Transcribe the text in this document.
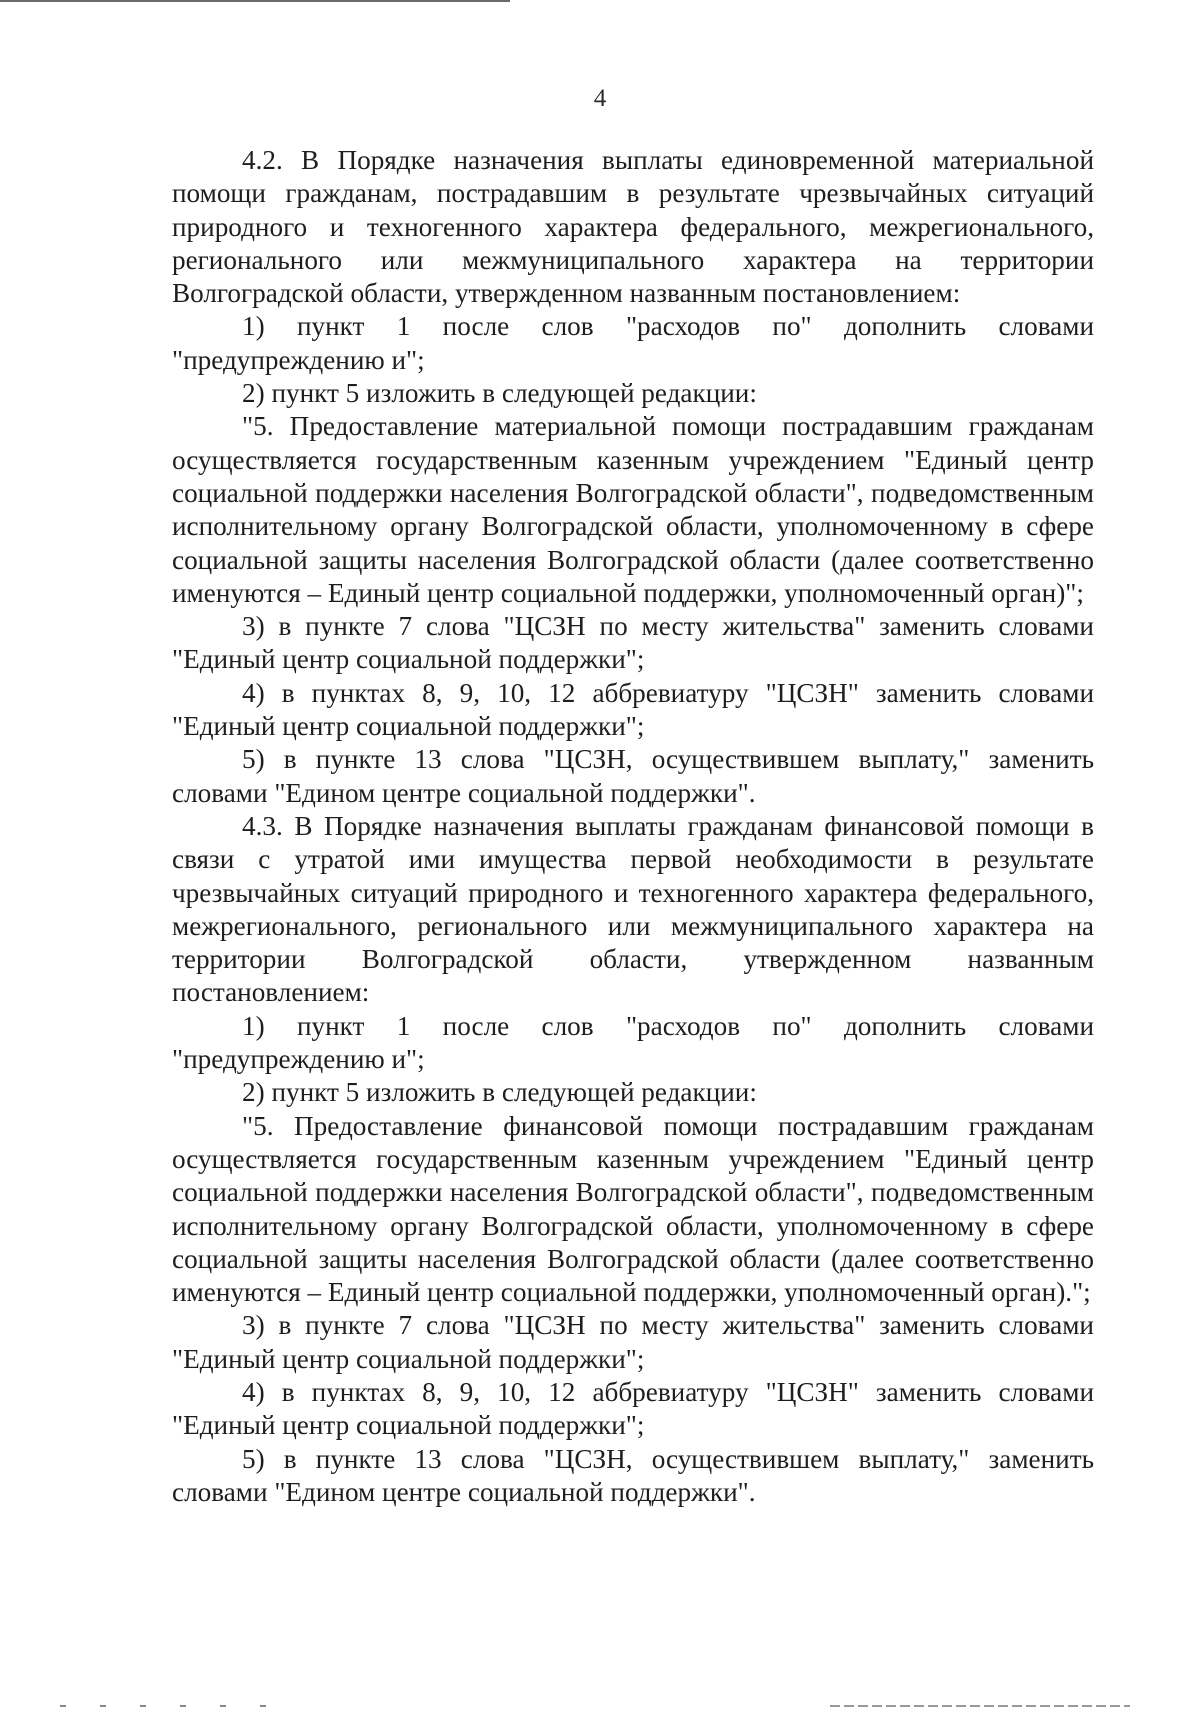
4

4.2. В Порядке назначения выплаты единовременной материальной помощи гражданам, пострадавшим в результате чрезвычайных ситуаций природного и техногенного характера федерального, межрегионального, регионального или межмуниципального характера на территории Волгоградской области, утвержденном названным постановлением:

1) пункт 1 после слов "расходов по" дополнить словами "предупреждению и";

2) пункт 5 изложить в следующей редакции:

"5. Предоставление материальной помощи пострадавшим гражданам осуществляется государственным казенным учреждением "Единый центр социальной поддержки населения Волгоградской области", подведомственным исполнительному органу Волгоградской области, уполномоченному в сфере социальной защиты населения Волгоградской области (далее соответственно именуются – Единый центр социальной поддержки, уполномоченный орган)";

3) в пункте 7 слова "ЦСЗН по месту жительства" заменить словами "Единый центр социальной поддержки";

4) в пунктах 8, 9, 10, 12 аббревиатуру "ЦСЗН" заменить словами "Единый центр социальной поддержки";

5) в пункте 13 слова "ЦСЗН, осуществившем выплату," заменить словами "Едином центре социальной поддержки".

4.3. В Порядке назначения выплаты гражданам финансовой помощи в связи с утратой ими имущества первой необходимости в результате чрезвычайных ситуаций природного и техногенного характера федерального, межрегионального, регионального или межмуниципального характера на территории Волгоградской области, утвержденном названным постановлением:

1) пункт 1 после слов "расходов по" дополнить словами "предупреждению и";

2) пункт 5 изложить в следующей редакции:

"5. Предоставление финансовой помощи пострадавшим гражданам осуществляется государственным казенным учреждением "Единый центр социальной поддержки населения Волгоградской области", подведомственным исполнительному органу Волгоградской области, уполномоченному в сфере социальной защиты населения Волгоградской области (далее соответственно именуются – Единый центр социальной поддержки, уполномоченный орган).";

3) в пункте 7 слова "ЦСЗН по месту жительства" заменить словами "Единый центр социальной поддержки";

4) в пунктах 8, 9, 10, 12 аббревиатуру "ЦСЗН" заменить словами "Единый центр социальной поддержки";

5) в пункте 13 слова "ЦСЗН, осуществившем выплату," заменить словами "Едином центре социальной поддержки".
